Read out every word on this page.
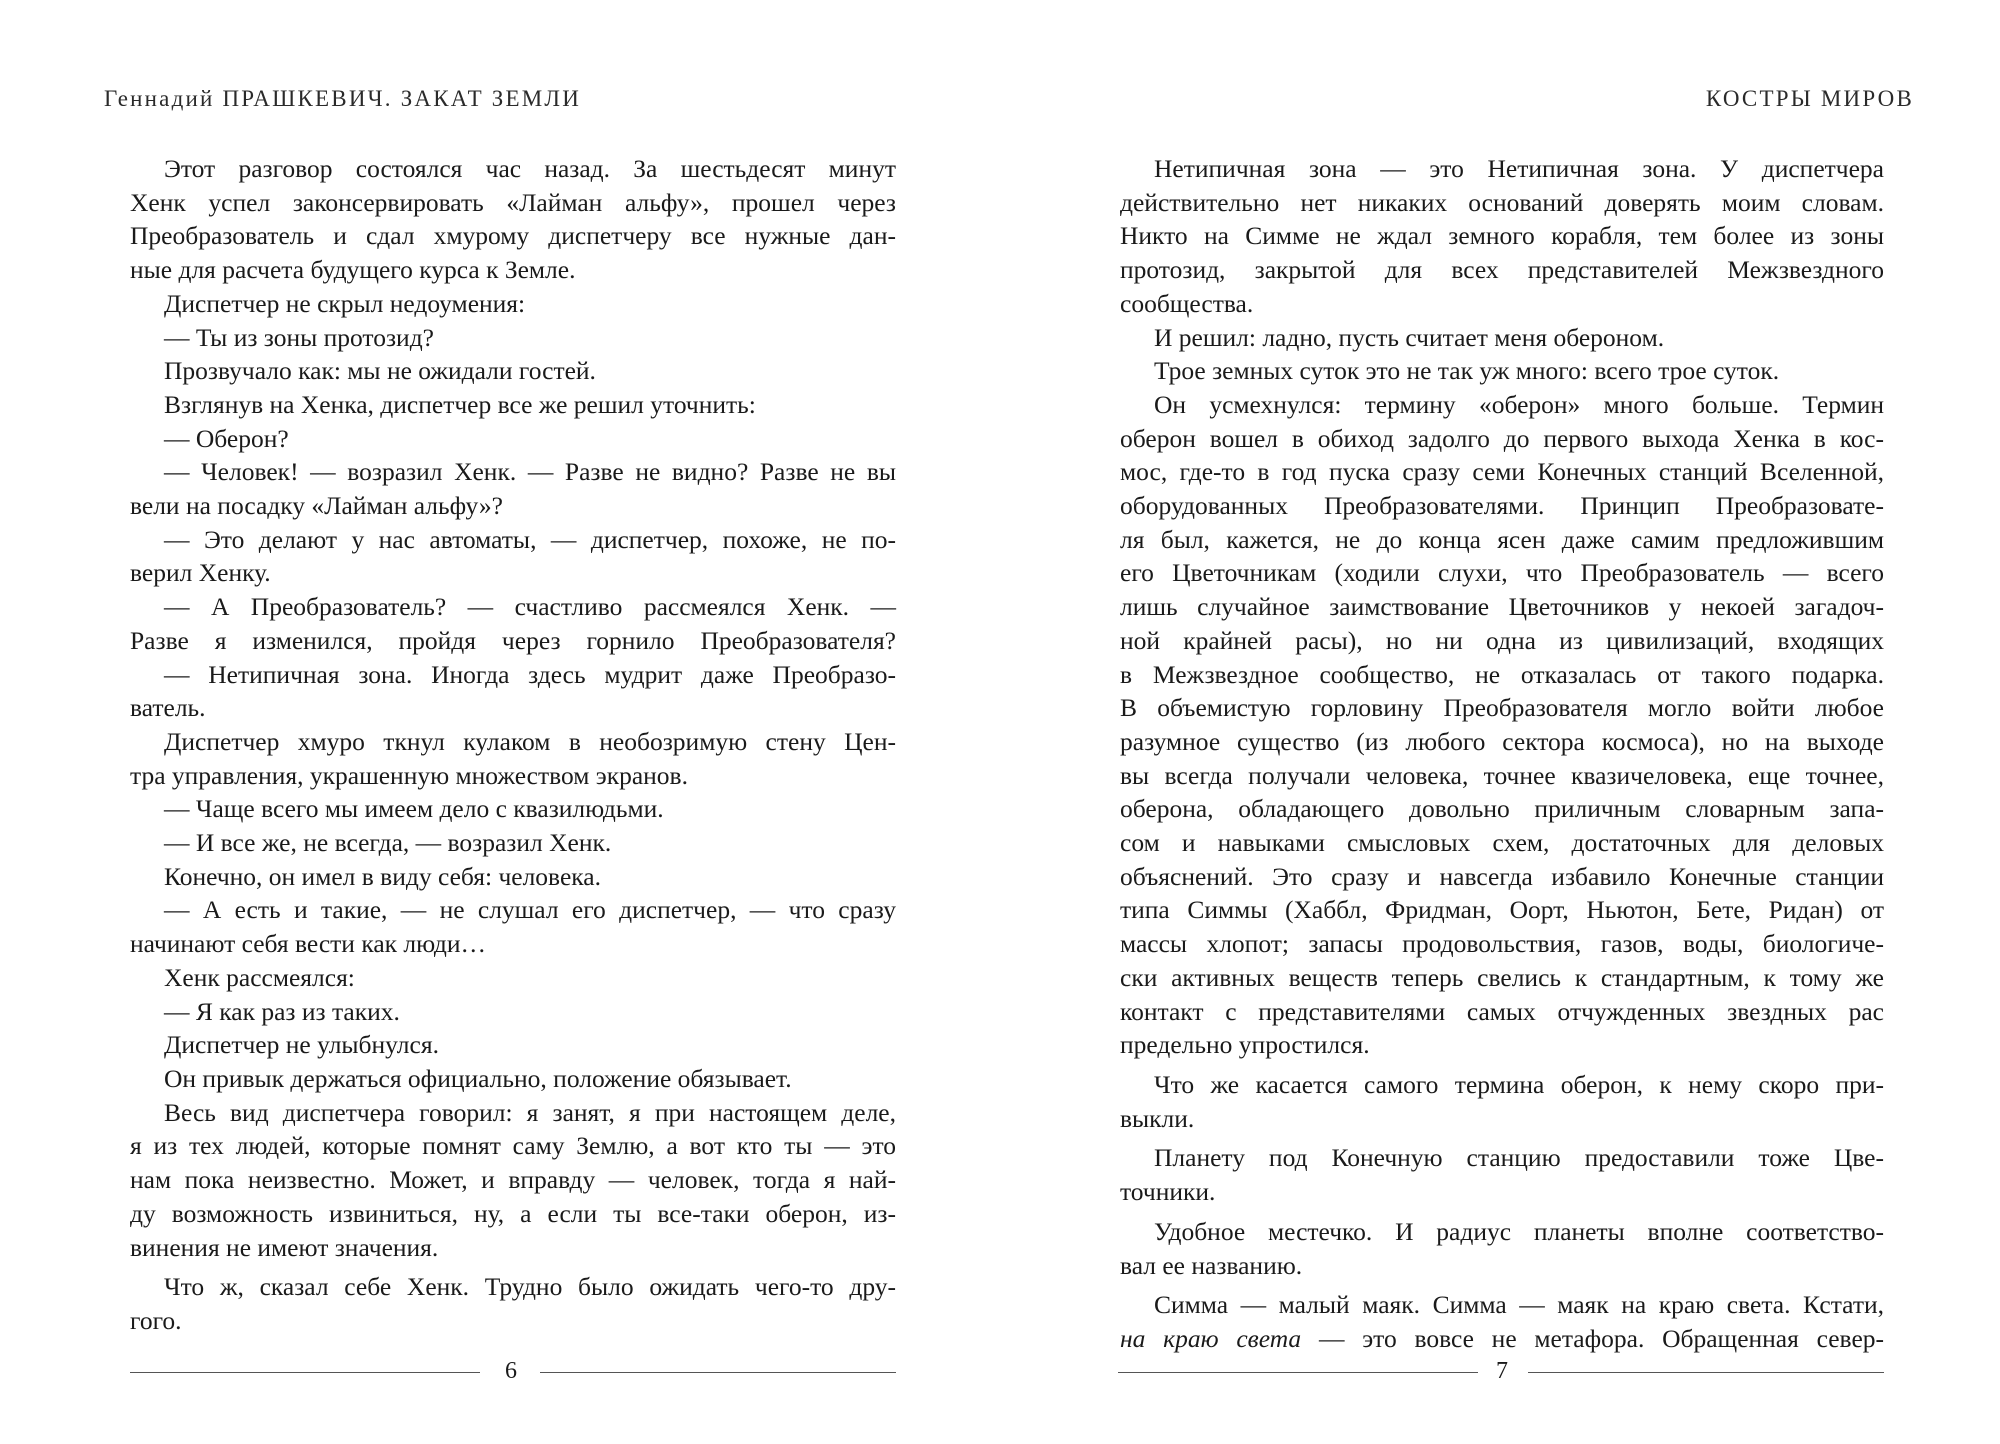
Геннадий ПРАШКЕВИЧ. ЗАКАТ ЗЕМЛИ
Этот разговор состоялся час назад. За шестьдесят минут
Хенк успел законсервировать «Лайман альфу», прошел через
Преобразователь и сдал хмурому диспетчеру все нужные дан-
ные для расчета будущего курса к Земле.
Диспетчер не скрыл недоумения:
— Ты из зоны протозид?
Прозвучало как: мы не ожидали гостей.
Взглянув на Хенка, диспетчер все же решил уточнить:
— Оберон?
— Человек! — возразил Хенк. — Разве не видно? Разве не вы
вели на посадку «Лайман альфу»?
— Это делают у нас автоматы, — диспетчер, похоже, не по-
верил Хенку.
— А Преобразователь? — счастливо рассмеялся Хенк. —
Разве я изменился, пройдя через горнило Преобразователя?
— Нетипичная зона. Иногда здесь мудрит даже Преобразо-
ватель.
Диспетчер хмуро ткнул кулаком в необозримую стену Цен-
тра управления, украшенную множеством экранов.
— Чаще всего мы имеем дело с квазилюдьми.
— И все же, не всегда, — возразил Хенк.
Конечно, он имел в виду себя: человека.
— А есть и такие, — не слушал его диспетчер, — что сразу
начинают себя вести как люди…
Хенк рассмеялся:
— Я как раз из таких.
Диспетчер не улыбнулся.
Он привык держаться официально, положение обязывает.
Весь вид диспетчера говорил: я занят, я при настоящем деле,
я из тех людей, которые помнят саму Землю, а вот кто ты — это
нам пока неизвестно. Может, и вправду — человек, тогда я най-
ду возможность извиниться, ну, а если ты все-таки оберон, из-
винения не имеют значения.
Что ж, сказал себе Хенк. Трудно было ожидать чего-то дру-
гого.
6
КОСТРЫ МИРОВ
Нетипичная зона — это Нетипичная зона. У диспетчера
действительно нет никаких оснований доверять моим словам.
Никто на Симме не ждал земного корабля, тем более из зоны
протозид, закрытой для всех представителей Межзвездного
сообщества.
И решил: ладно, пусть считает меня обероном.
Трое земных суток это не так уж много: всего трое суток.
Он усмехнулся: термину «оберон» много больше. Термин
оберон вошел в обиход задолго до первого выхода Хенка в кос-
мос, где-то в год пуска сразу семи Конечных станций Вселенной,
оборудованных Преобразователями. Принцип Преобразовате-
ля был, кажется, не до конца ясен даже самим предложившим
его Цветочникам (ходили слухи, что Преобразователь — всего
лишь случайное заимствование Цветочников у некоей загадоч-
ной крайней расы), но ни одна из цивилизаций, входящих
в Межзвездное сообщество, не отказалась от такого подарка.
В объемистую горловину Преобразователя могло войти любое
разумное существо (из любого сектора космоса), но на выходе
вы всегда получали человека, точнее квазичеловека, еще точнее,
оберона, обладающего довольно приличным словарным запа-
сом и навыками смысловых схем, достаточных для деловых
объяснений. Это сразу и навсегда избавило Конечные станции
типа Симмы (Хаббл, Фридман, Оорт, Ньютон, Бете, Ридан) от
массы хлопот; запасы продовольствия, газов, воды, биологиче-
ски активных веществ теперь свелись к стандартным, к тому же
контакт с представителями самых отчужденных звездных рас
предельно упростился.
Что же касается самого термина оберон, к нему скоро при-
выкли.
Планету под Конечную станцию предоставили тоже Цве-
точники.
Удобное местечко. И радиус планеты вполне соответство-
вал ее названию.
Симма — малый маяк. Симма — маяк на краю света. Кстати,
на краю света — это вовсе не метафора. Обращенная север-
7
